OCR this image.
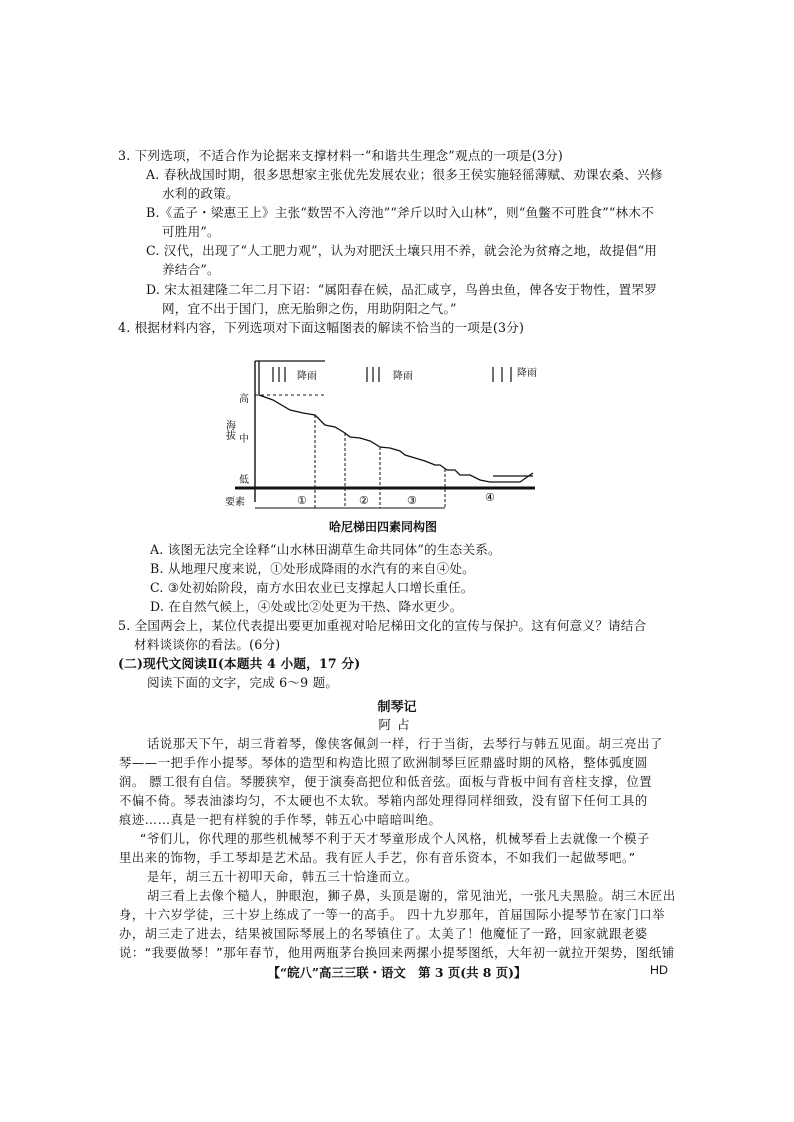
3. 下列选项，不适合作为论据来支撑材料一“和谐共生理念”观点的一项是(3分)
A. 春秋战国时期，很多思想家主张优先发展农业；很多王侯实施轻徭薄赋、劝课农桑、兴修
水利的政策。
B.《孟子・梁惠王上》主张“数罟不入洿池”“斧斤以时入山林”，则“鱼鳖不可胜食”“林木不
可胜用”。
C. 汉代，出现了“人工肥力观”，认为对肥沃土壤只用不养，就会沦为贫瘠之地，故提倡“用
养结合”。
D. 宋太祖建隆二年二月下诏：“属阳春在候，品汇咸亨，鸟兽虫鱼，俾各安于物性，置罘罗
网，宜不出于国门，庶无胎卵之伤，用助阴阳之气。”
4. 根据材料内容，下列选项对下面这幅图表的解读不恰当的一项是(3分)
降雨	降雨	降雨
海拔
高
中
低
要素	①	②	③	④
哈尼梯田四素同构图
A. 该图无法完全诠释“山水林田湖草生命共同体”的生态关系。
B. 从地理尺度来说，①处形成降雨的水汽有的来自④处。
C. ③处初始阶段，南方水田农业已支撑起人口增长重任。
D. 在自然气候上，④处或比②处更为干热、降水更少。
5. 全国两会上，某位代表提出要更加重视对哈尼梯田文化的宣传与保护。这有何意义？请结合
材料谈谈你的看法。(6分)
(二)现代文阅读Ⅱ(本题共 4 小题，17 分)
阅读下面的文字，完成 6～9 题。
制琴记
阿占
话说那天下午，胡三背着琴，像侠客佩剑一样，行于当街，去琴行与韩五见面。胡三亮出了
琴——一把手作小提琴。琴体的造型和构造比照了欧洲制琴巨匠鼎盛时期的风格，整体弧度圆
润。 膘工很有自信。琴腰狭窄，便于演奏高把位和低音弦。面板与背板中间有音柱支撑，位置
不偏不倚。琴表油漆均匀，不太硬也不太软。琴箱内部处理得同样细致，没有留下任何工具的
痕迹……真是一把有样貌的手作琴，韩五心中暗暗叫绝。
“爷们儿，你代理的那些机械琴不利于天才琴童形成个人风格，机械琴看上去就像一个模子
里出来的饰物，手工琴却是艺术品。我有匠人手艺，你有音乐资本，不如我们一起做琴吧。”
是年，胡三五十初叩天命，韩五三十恰逢而立。
胡三看上去像个糙人，肿眼泡，狮子鼻，头顶是谢的，常见油光，一张凡夫黑脸。胡三木匠出
身，十六岁学徒，三十岁上练成了一等一的高手。 四十九岁那年，首届国际小提琴节在家门口举
办，胡三走了进去，结果被国际琴展上的名琴镇住了。太美了！他魔怔了一路，回家就跟老婆
说：“我要做琴！”那年春节，他用两瓶茅台换回来两摞小提琴图纸，大年初一就拉开架势，图纸铺
【“皖八”高三三联・语文　第 3 页(共 8 页)】	HD
